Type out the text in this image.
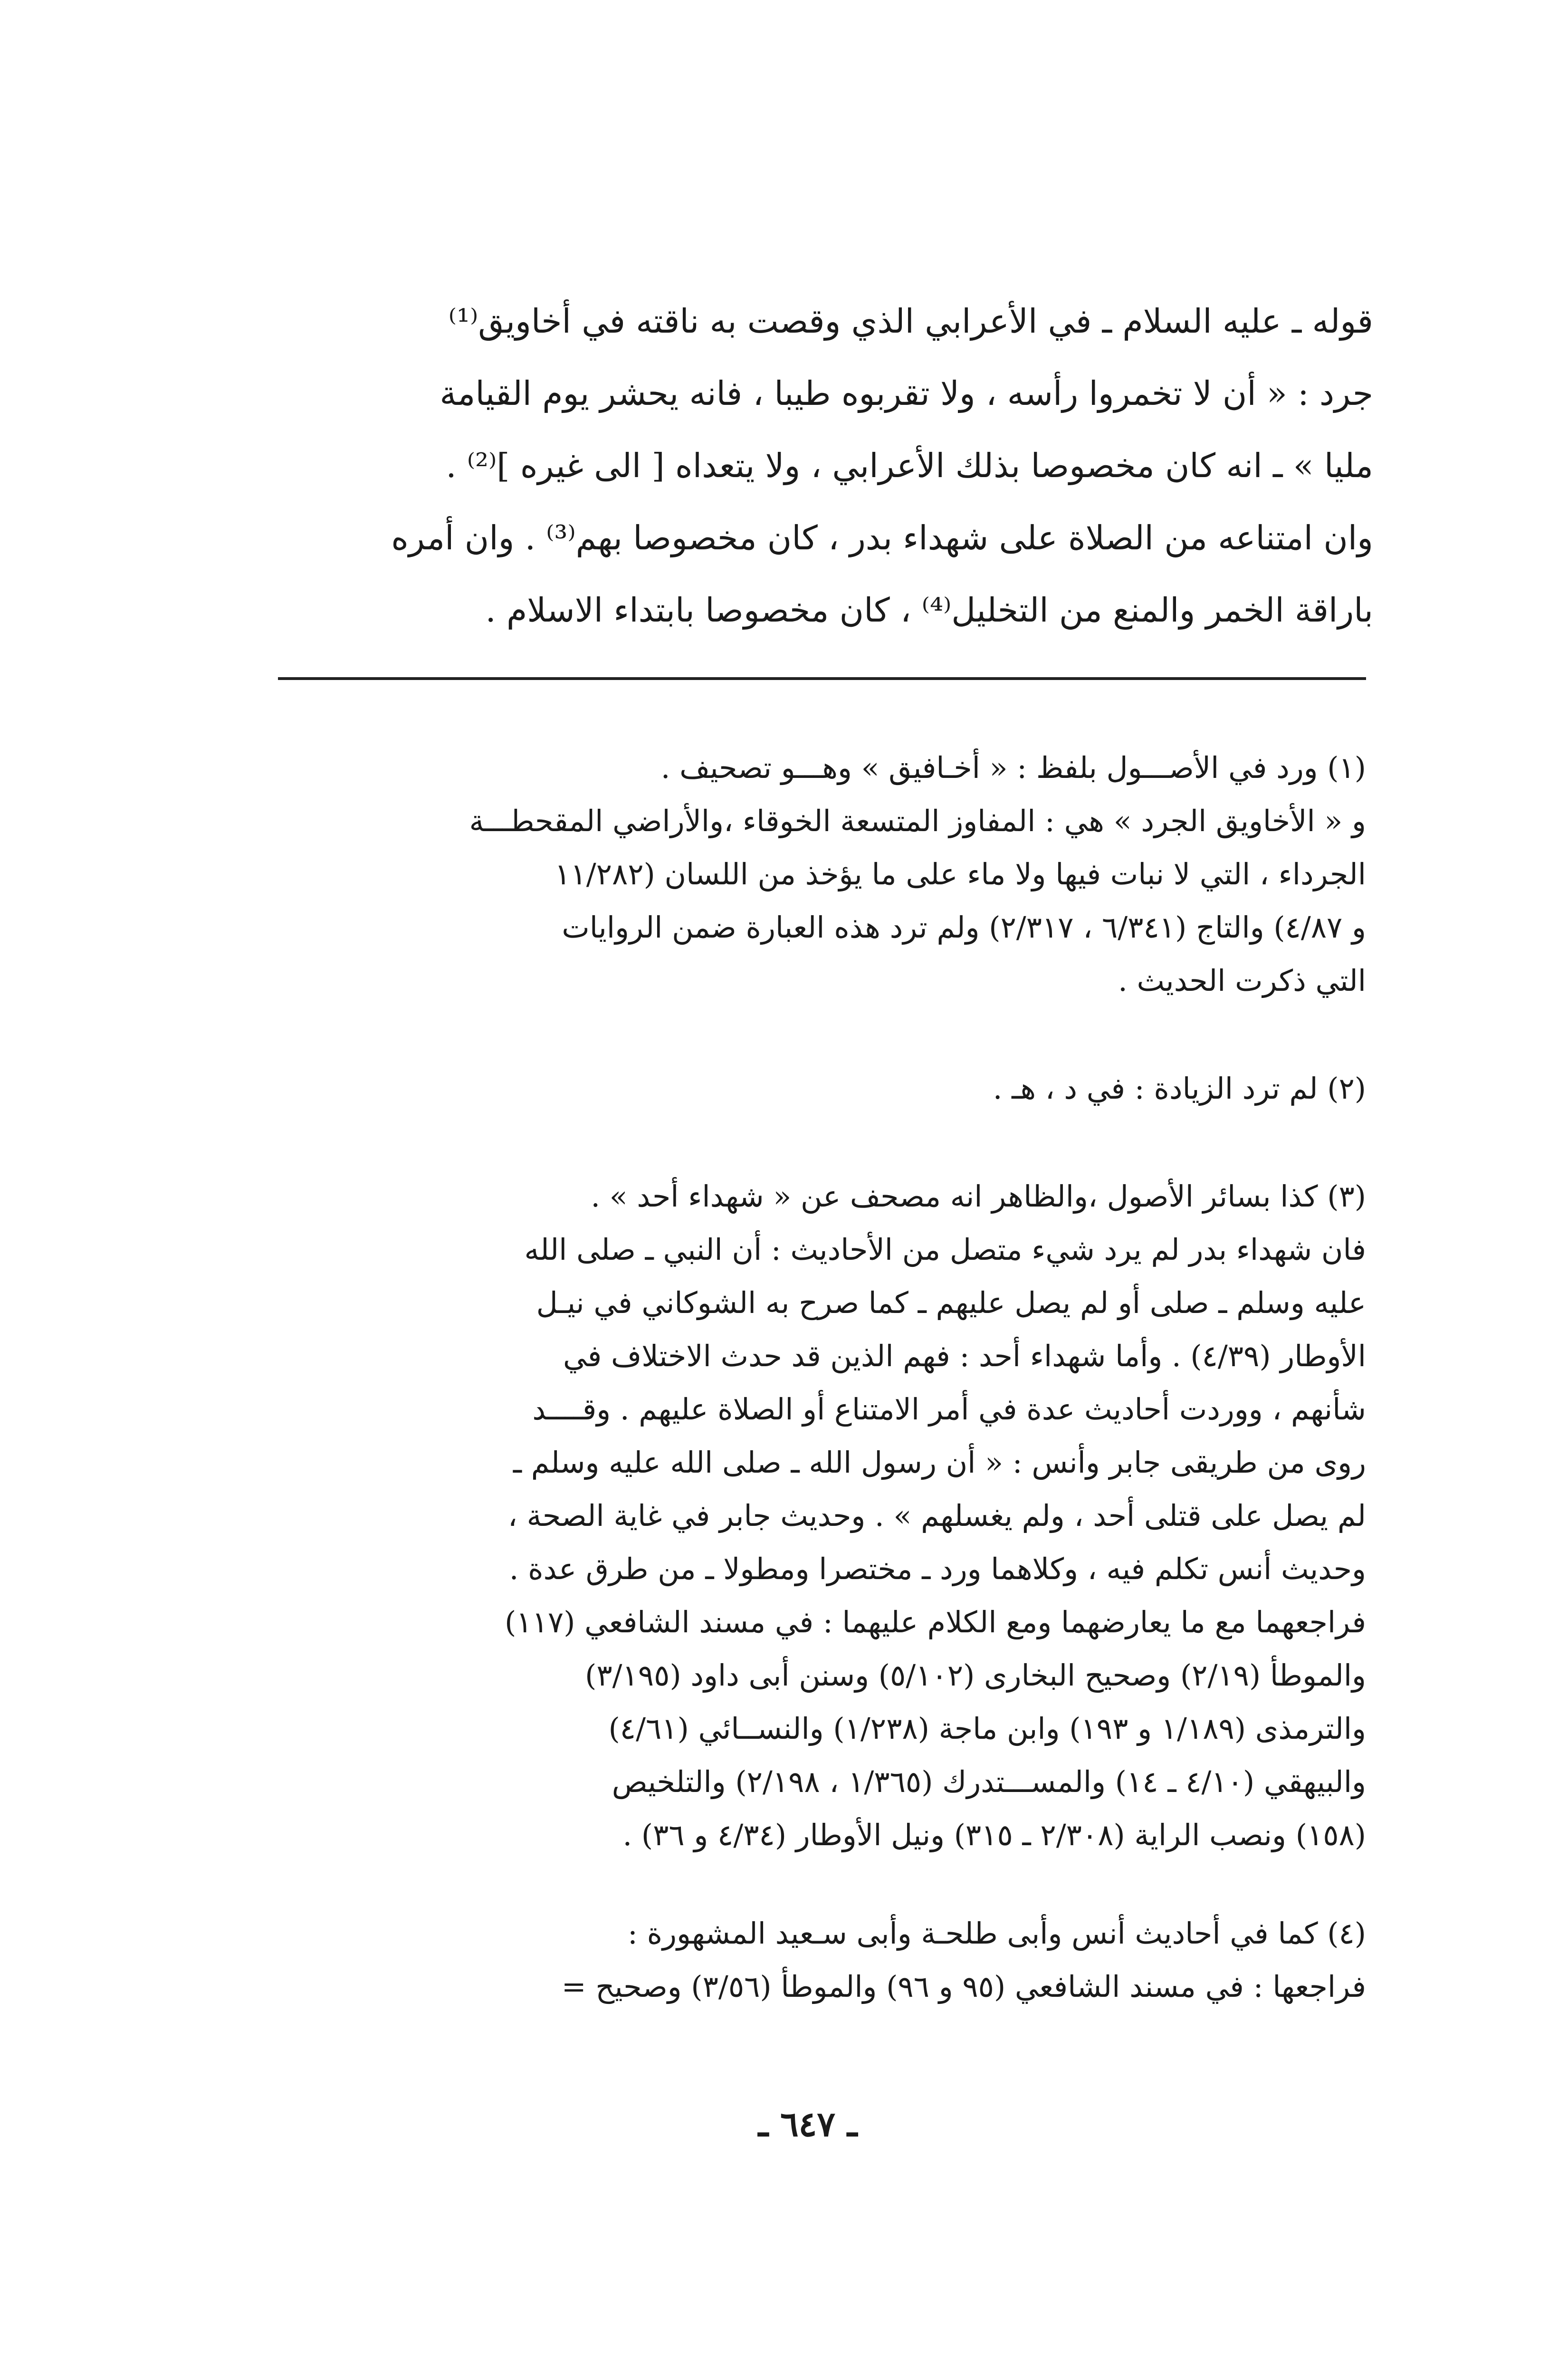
قوله ـ عليه السلام ـ في الأعرابي الذي وقصت به ناقته في أخاويق⁽¹⁾
جرد : « أن لا تخمروا رأسه ، ولا تقربوه طيبا ، فانه يحشر يوم القيامة
مليا » ـ انه كان مخصوصا بذلك الأعرابي ، ولا يتعداه [ الى غيره ]⁽²⁾ .
وان امتناعه من الصلاة على شهداء بدر ، كان مخصوصا بهم⁽³⁾ . وان أمره
باراقة الخمر والمنع من التخليل⁽⁴⁾ ، كان مخصوصا بابتداء الاسلام .
(١) ورد في الأصـــول بلفظ : « أخـافيق » وهـــو تصحيف .
و « الأخاويق الجرد » هي : المفاوز المتسعة الخوقاء ،والأراضي المقحطـــة
الجرداء ، التي لا نبات فيها ولا ماء على ما يؤخذ من اللسان (١١/٢٨٢
و ٤/٨٧) والتاج (٦/٣٤١ ، ٢/٣١٧) ولم ترد هذه العبارة ضمن الروايات
التي ذكرت الحديث .
(٢) لم ترد الزيادة : في د ، هـ .
(٣) كذا بسائر الأصول ،والظاهر انه مصحف عن « شهداء أحد » .
فان شهداء بدر لم يرد شيء متصل من الأحاديث : أن النبي ـ صلى الله
عليه وسلم ـ صلى أو لم يصل عليهم ـ كما صرح به الشوكاني في نيـل
الأوطار (٤/٣٩) . وأما شهداء أحد : فهم الذين قد حدث الاختلاف في
شأنهم ، ووردت أحاديث عدة في أمر الامتناع أو الصلاة عليهم . وقــــد
روى من طريقى جابر وأنس : « أن رسول الله ـ صلى الله عليه وسلم ـ
لم يصل على قتلى أحد ، ولم يغسلهم » . وحديث جابر في غاية الصحة ،
وحديث أنس تكلم فيه ، وكلاهما ورد ـ مختصرا ومطولا ـ من طرق عدة .
فراجعهما مع ما يعارضهما ومع الكلام عليهما : في مسند الشافعي (١١٧)
والموطأ (٢/١٩) وصحيح البخارى (٥/١٠٢) وسنن أبى داود (٣/١٩٥)
والترمذى (١/١٨٩ و ١٩٣) وابن ماجة (١/٢٣٨) والنســائي (٤/٦١)
والبيهقي (٤/١٠ ـ ١٤) والمســـتدرك (١/٣٦٥ ، ٢/١٩٨) والتلخيص
(١٥٨) ونصب الراية (٢/٣٠٨ ـ ٣١٥) ونيل الأوطار (٤/٣٤ و ٣٦) .
(٤) كما في أحاديث أنس وأبى طلحـة وأبى سـعيد المشهورة :
فراجعها : في مسند الشافعي (٩٥ و ٩٦) والموطأ (٣/٥٦) وصحيح =
ـ ٦٤٧ ـ
